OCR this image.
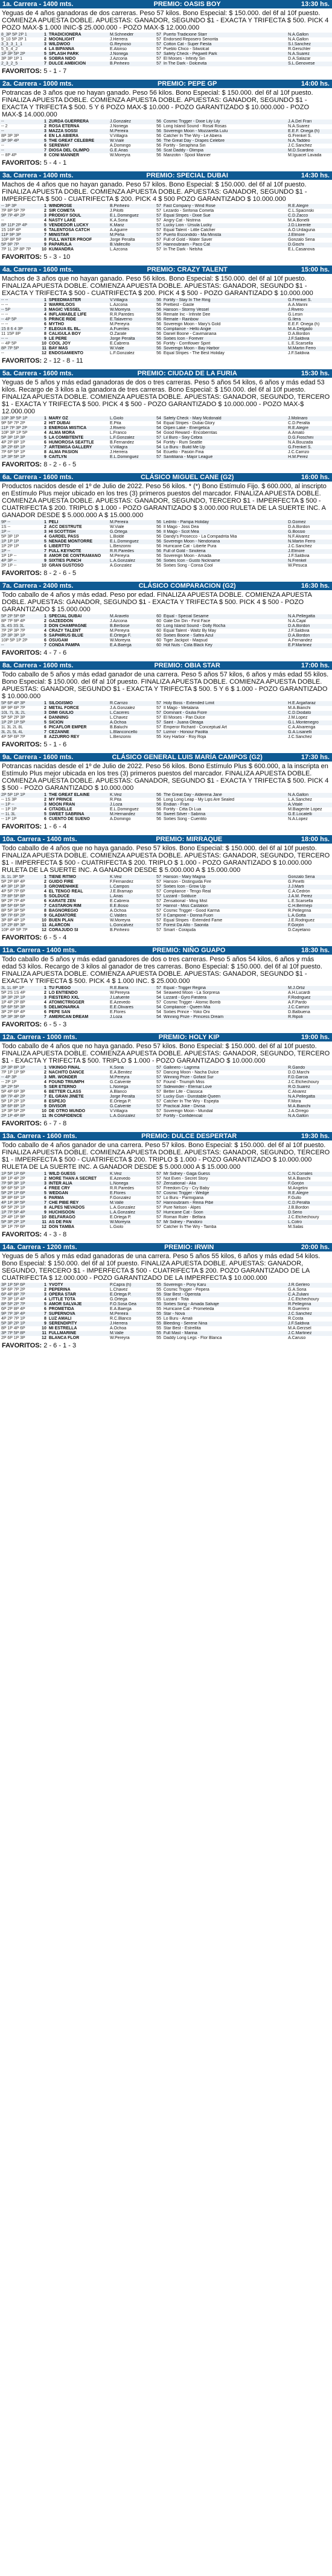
1a. Carrera - 1400 mts.	PREMIO: OASIS BOY	13:30 hs.
Yeguas de 4 años ganadoras de dos carreras. Peso 57 kilos. Bono Especial: $ 150.000. del 6f al 10f puesto. COMIENZA APUESTA DOBLE. APUESTAS: GANADOR, SEGUNDO $1 - EXACTA Y TRIFECTA $ 500. PICK 4 POZO MAX-$ 1.000 INIC-$ 25.000.000 - POZO MAX-$ 12.000.000
8_3P 5P 2P 1	1	TRADICIONERA	M.Schneider	57	Puerto Tradicione Starr	N.A.Gallon
9_10 5P 2P 1	2	MOONLIGHT	J.Herrera	57	Endorsed Reposero Senorita	N.A.Gallon
3_3_3_1_1	3	WILDWOO	G.Reynoso	57	Cotton Cat - Super Fiesta	S.I.Sanchez
5_5_4_2	4	LA BIPANNA	E.Alonso	57	Pueblo Chico - Silwolcat	R.Gerschler
1P 3P 5P 2P	5	SPLASH PARK	J.Noriega	57	Safety Check - Pegwell Park	N.A.Suarez
3P 3P 1P 1	6	SOBRA NIDO	J.Azcona	57	El Moises - Infinity Sin	D.A.Salazar
2_3_2_5	7	DULCE AMBICION	B.Pinheiro	57	In The Dark - Dolcevita	S.L.Genovese
FAVORITOS: 5 - 1 - 7
2a. Carrera - 1000 mts.	PREMIO: PEPE GP	14:00 hs.
Potrancas de 3 años que no hayan ganado. Peso 56 kilos. Bono Especial: $ 150.000. del 6f al 10f puesto. FINALIZA APUESTA DOBLE. COMIENZA APUESTA DOBLE. APUESTAS: GANADOR, SEGUNDO $1 - EXACTA Y TRIFECTA $ 500. 5 Y 6 POZO MAX-$ 10.000 - POZO GARANTIZADO $ 10.000.000 - POZO MAX-$ 14.000.000
--	1	ZURDA GUERRERA	J.Gonzalez	56	Cosmic Trigger - Dixie Lily Lily	J.A.Del Frari
-- 2	2	ROSA ETERNA	J.Noriega	56	Long Island Sound - Rosal Rosas	N.A.Suarez
--	3	MAZZA SOSSI	M.Pereira	56	Sovereign Moon - Mozzarella Lulu	E.E.F. Onega (h)
8P 3P 3P	4	EN LA ABIERA	V.Villagra	56	Catcher In The Wry - Le Abiera	G.Frenkel S.
3P 9P 4P	5	THE GREAT CELEBRE	W.Viale	56	The Great Day - Drapes Celebre	N.A.Taddeo
--	6	SEREWAY	A.Domingo	56	Fortify - Seraphina Sin	J.C.Sanchez
--	7	DIOSA DEL OLIMPO	G.E.Arias	56	Scat Daddy - Olimpia	M.D.Scardino
-- 8P 4P	8	CONI MANNER	W.Moreyra	56	Manzotin - Spool Manner	M.Iguacel Lavada
FAVORITOS: 5 - 4 - 1
3a. Carrera - 1400 mts.	PREMIO: SPECIAL DUBAI	14:30 hs.
Machos de 4 años que no hayan ganado. Peso 57 kilos. Bono Especial: $ 150.000. del 6f al 10f puesto. FINALIZA APUESTA DOBLE. COMIENZA APUESTA DOBLE. APUESTAS: GANADOR, SEGUNDO $1 - IMPERFECTA $ 500 - CUATRIFECTA $ 200. PICK 4 $ 500 POZO GARANTIZADO $ 10.000.000
-- 3P 3P	1	WINDROSE	B.Pinheiro	57	Fast Company - Wind Rose	R.E.Alegre
7P 8P 5P 7P	2	SIR COMETA	J.Pilotti	57	Lezardo - Sinfonia Cometa	C.L.Spacinski
9P 7P 4P 2P	3	PRODIGY SOUL	E.L.Dominguez	57	Equal Stripes - Dixie Sue	C.D.Zacco
--	4	NASTY LAKE	K.A.Soria	57	Angry Cat - Nistrina	M.A.Bonelli
8P 11P 2P 4P	5	VENDEDOR LUCKY	K.Mariz	57	Lucky Lion - Ursula Lucky	J.D.Llorente
15 16P 4P	6	TALENTOSA CATCH	A.Aguirre	57	Equal Talent - Little Catcher	A.O.Urdaguna
11P 9P 3P	7	MINISTAR	M.Peña	57	Puerto Escondido - Ma Minista	J.Elmore
10P 8P 5P	8	FULL WATER PROOF	Jorge Peralta	57	Full of Gold - Water Saver	Gonzalo Sena
5P 9P 7P	9	PAPARULA	B.Vallecillo	57	Hannoubraim - Paco Cat	D.Gischi
7P 1L 2P 8P 7P	10	KUMANDRA	L.Azcona	57	In The Dark - Nelsha	E.L.Casanova
FAVORITOS: 5 - 3 - 10
4a. Carrera - 1600 mts.	PREMIO: CRAZY TALENT	15:00 hs.
Machos de 3 años que no hayan ganado. Peso 56 kilos. Bono Especial: $ 150.000. del 6f al 10f puesto. FINALIZA APUESTA DOBLE. COMIENZA APUESTA DOBLE. APUESTAS: GANADOR, SEGUNDO $1 - EXACTA Y TRIFECTA $ 500 - CUATRIFECTA $ 200. PICK 4 $ 500 - POZO GARANTIZADO $ 10.000.000
-- --	1	SPEEDMASTER	V.Villagra	56	Fortify - Stay In The Ring	G.Frenkel S.
-- --	2	WARRILOOS	L.Azcona	56	Prettiest - Gaste	A.A.Marini
-- 5P	3	MAGIC VESSEL	W.Moreyra	56	Hanson - Stormy Vessel	J.Rivero
-- --	4	INFLAMABLE LIFE	R.R.Paredes	56	Remate Inc - Infinite Dee	G.Lesin
-- 4P 5P	5	PRINCE RIDE	E.Talaverno	56	Remate - Rainbow	G.Ilera
-- --	6	MYTHO	M.Pereyra	56	Sovereign Moon - Mary's Gold	E.E.F. Onega (h)
15 8 6 4 3P	7	ELEGUA EL BL.	A.Fuentes	56	Compliance - Hello Angie	M.A.Delgado
11 15P 8P	8	CALIGULA BOY	O.Zarate	56	Daniel Boone - Cavimariana	D.A.Bordon
-- --	9	LE PERE	Jorge Peralta	56	Sixties Icon - Forever	J.F.Saldivia
-- 4P 5P	10	COOL JOY	E.Cabrera	56	Fortify - Cornflower Spirit	L.E.Scarsella
8P 7P 5P	11	BAY MAS	W.Viale	56	Sovereign Moon - Bay Harbor	M.Martin Ferro
--	12	ENDOSAMIENTO	L.F.Gonzalez	56	Equal Stripes - The Best Holiday	J.F.Saldivia
FAVORITOS: 2 - 12 - 8 - 11
5a. Carrera - 1600 mts.	PREMIO: CIUDAD DE LA FURIA	15:30 hs.
Yeguas de 5 años y más edad ganadoras de dos o tres carreras. Peso 5 años 54 kilos, 6 años y más edad 53 kilos. Recargo de 3 kilos a la ganadora de tres carreras. Bono Especial: $ 150.000. del 6f al 10f puesto. FINALIZA APUESTA DOBLE. COMIENZA APUESTA DOBLE. APUESTAS: GANADOR, SEGUNDO, TERCERO $1 - EXACTA Y TRIFECTA $ 500. PICK 4 $ 500 - POZO GARANTIZADO $ 10.000.000 - POZO MAX-$ 12.000.000
10P 3P 5P 1P	1	MARY OZ	L.Giolo	54	Safety Check - Mary Mcdonald	J.Molinaro
9P 5P 7P 2P	2	HIT DUBAI	E.Pita	54	Equal Stripes - Dubai Glory	C.D.Peralta
11P 7P 3P 2P	3	ENERGIA MISTICA	J.Rivero	54	Orpen Lake - Energetica	R.E.Alegre
10P 3P 1P 5P	4	ALMA MORA	L.Franco	54	Good Reward - Encoberritas	A.Amato
5P 3P 1P 3P	5	LA COMBITENTE	L.F.Gonzalez	57	Lil Buro - Sixy Cebra	D.G.Fioschini
4P 2P 8P 1P	6	HUMOROSA SEATTLE	B.Fernandez	54	Fortify - Rum Seattle	N.A.Bouzada
3P 2P 6P 1P	7	ARTEMISA GALLERY	V.Villagra	54	Lo Buru - Build Me Up	G.Frenkel S.
7P 6P 5P 1P	8	ALMA PASIÓN	J.Herrera	54	Ecuelto - Pasión Fina	J.C.Carrizo
1P 3P 5P 1P	9	CAITLYN	E.L.Dominguez	57	Sanitiliana - Major League	H.M.Perez
FAVORITOS: 8 - 2 - 6 - 5
6a. Carrera - 1600 mts.	CLÁSICO MIGUEL CANE (G2)	16:00 hs.
Productos nacidos desde el 1º de Julio de 2022. Peso 56 kilos. * (*) Bono Estímulo Fijo. $ 600.000, al inscripto en Estímulo Plus mejor ubicado en los tres (3) primeros puestos del marcador. FINALIZA APUESTA DOBLE. COMIENZA APUESTA DOBLE. APUESTAS: GANADOR, SEGUNDO, TERCERO $1 - IMPERFECTA $ 500 - CUATRIFECTA $ 200. TRIPLO $ 1.000 - POZO GARANTIZADO $ 3.000.000 RULETA DE LA SUERTE INC. A GANADOR DESDE $ 5.000.000 A $ 15.000.000
9P --	1	PELI	M.Pereira	56	Ledrito - Pampa Holiday	D.Gomez
1S --	2	ACC DESTRUTE	W.Viale	56	Il Mago - Joss Dea	D.A.Bordon
1P --	3	HI SCOTTISH	G.Ortega	56	Il Mago - Scot Mea	G.Bossio
5P 3P 1P	4	GARDEL PASS	L.Boldé	56	Dandy's Prosecco - La Compadrita Mia	N.F.Alvarez
1P 1P 1P	5	NENADE MONTORRE	E.L.Dominguez	56	Sovereign Moon - Nendoriana	N.Martin Ferro
1P 2P 1P	6	LIBERTTO	L.Benzorini	56	Hurricane Cat - Liberte Pura	J.C.Sanchez
1P --	7	FULL KEYNOTE	R.R.Paredes	56	Full of Gold - Sinoteria	J.Elmore
1P 1P --	8	AMOR DE CONTRAMANO	M.Pereyra	56	Sovereign Moon - Amada	J.F.Saldivia
4P 3P --	9	SIXTIES PUNCH	L.A.Gonzalez	56	Sixties Icon - Gusto Nickname	N.Frenkel
2P 1P --	10	GRAN GUSTOSO	A.Gonzalez	56	Sixties Song - Consa Cool	W.Pesuca
FAVORITOS: 8 - 2 - 6 - 5
7a. Carrera - 2400 mts.	CLÁSICO COMPARACION (G2)	16:30 hs.
Todo caballo de 4 años y más edad. Peso por edad. FINALIZA APUESTA DOBLE. COMIENZA APUESTA DOBLE. APUESTAS: GANADOR, SEGUNDO $1 - EXACTA Y TRIFECTA $ 500. PICK 4 $ 500 - POZO GARANTIZADO $ 15.000.000
5P 2P 5P 6P	1	SPECIAL DUBAI	M.Aravelo	60	Equal - Special Sesame	N.A.Pellegatta
8P 7P 9P 4P	2	GAZEDDON	J.Azcona	60	Gate Din Din - First Face	N.A.Cajal
3L 4S 3S 3L	3	DON CHAMPAGNE	B.Berbose	60	Long Island Sound - Dolly Rocha	D.A.Bordon
7P 2P 3P 7P	4	CRAZY TALENT	M.Pereyra	60	Equal Talent - Waltz By May	J.F.Saldivia
2P 3P 3P 1P	5	SAPHIRUS BLUE	E.Ortega F.	60	Sixties Boone - Safira Azul	D.A.Bordon
10P 5P 1P 2P	6	OSUGAM	W.Moreyra	60	Tiger Jackpot - Maqsud	A.Fernandez
--	7	CONDA PAMPA	E.A.Baerga	60	Hot Nuts - Cola Black Key	E.P.Martinez
FAVORITOS: 4 - 7 - 6
8a. Carrera - 1600 mts.	PREMIO: OBIA STAR	17:00 hs.
Todo caballo de 5 años y más edad ganador de una carrera. Peso 5 años 57 kilos, 6 años y más edad 55 kilos. Bono Especial: $ 150.000. del 6f al 10f puesto. FINALIZA APUESTA DOBLE. COMIENZA APUESTA DOBLE. APUESTAS: GANADOR, SEGUNDO $1 - EXACTA Y TRIFECTA $ 500. 5 Y 6 $ 1.000 - POZO GARANTIZADO $ 10.000.000
5P 6P 4P 3P	1	SILOGISMO	R.Carrizo	57	Holy Boss - Extended Limit	H.E.Argañaraz
8P 9P 6P 7P	2	METAL FORCE	J.A.Gonzalez	57	Il Mago - Metalaria	M.A.Bianchi
10L 7L 3L 2L	3	DIMI GIULIO	L.Caceres	57	Dominant - Giulia Fiore	C.D.Diodato
5P 5P 2P 3P	4	DANNING	L.Chavez	57	El Moises - Pan Dulce	J.M.Lopez
1P 2P 1P 5P	5	SICION	A.Ochoa	57	Saint - Juana Oleaga	G.L.Montenegro
1L 3L 2L 8L	6	PICAFLOR EMPER	B.Baluchi	57	Emperor Richard - Conceptual Art	C.A.Alvarenga
3L 2L 5L 4L	7	CEZANNE	L.Blanconcello	57	Lizmor - Honour Paolita	G.A.Lisanelli
4P 5P 6P 7P	8	AZZURRO REY	L.Benzorini	55	Key Harbor - Roy Roja	J.C.Sanchez
FAVORITOS: 5 - 1 - 6
9a. Carrera - 1600 mts.	CLÁSICO GENERAL LUIS MARÍA CAMPOS (G2)	17:30 hs.
Potrancas nacidas desde el 1º de Julio de 2022. Peso 56 kilos. Bono Estímulo Plus $ 600.000, a la inscripta en Estímulo Plus mejor ubicada en los tres (3) primeros puestos del marcador. FINALIZA APUESTA DOBLE. COMIENZA APUESTA DOBLE. APUESTAS: GANADOR, SEGUNDO $1 - EXACTA Y TRIFECTA $ 500. PICK 4 $ 500 - POZO GARANTIZADO $ 10.000.000
2P 5P 1P 1P	1	THE GREAT ELAINE	K.Veiz	56	The Great Day - Alderena Jane	N.A.Gallon
-- 1S 3P	2	MY PRINCE	R.Pita	56	Long Long Leap - My Lips Are Sealed	L.A.Sanchez
-- 1P --	3	MOON FRAN	J.Loza	56	Endian - Fran	A.Vitale
-- 1P 1P	4	CITADELLE	E.L.Dominguez	56	Fortify - Citta Di Lua	M.Biagente Lopez
-- 1L 3L	5	SWEET SABRINA	M.Hernandez	56	Sweet Silver - Sabrina	G.E.Locatelli
-- 1P 1P	6	CUENTO DE SUEÑO	A.Domingo	56	Sixties Song - Cuentito	N.A.Lopez
FAVORITOS: 1 - 6 - 4
10a. Carrera - 1400 mts.	PREMIO: MIRRAQUE	18:00 hs.
Todo caballo de 4 años que no haya ganado. Peso 57 kilos. Bono Especial: $ 150.000. del 6f al 10f puesto. FINALIZA APUESTA DOBLE. COMIENZA APUESTA DOBLE. APUESTAS: GANADOR, SEGUNDO, TERCERO $1 - IMPERFECTA $ 500 - CUATRIFECTA $ 200. TRIPLO $ 1.000 - POZO GARANTIZADO $ 10.000.000 RULETA DE LA SUERTE INC. A GANADOR DESDE $ 5.000.000 A $ 15.000.000
3L 1L 3P 5P	1	TIENE RITMO	K.Veiz	57	Hanson - Mary Magna	Gonzalo Sena
5P 2P 8P 4P	2	GUIDO FIRE	F.Fernandez	57	Hanson - Distinguida Fire	G.Pinetti
4P 3P 1P 3P	3	GROWENHIKE	L.Campos	57	Sixties Icon - Grow Up	J.J.Marti
4P 5P 7P 6P	4	EL TENGO REAL	J.E.Bramajo	57	Compliance - Tengo Real	C.A.Cedrón
7P 8P 5P 8P	5	SOLDUCE	L.Arias	57	Lizzard - Solduce	J.A.M. Perez
9P 2P 7P 4P	6	KARATE ZEN	E.Cabrera	57	Zensational - Ming Mist	L.E.Scarsella
8P 5P 6P 5P	7	CASTARON RIM	E.E.Bosio	57	Hannol - Miss Castalion	C.H.Bermejo
8P 5P 3P 5P	8	BAGNOREGIO	A.Ochoa	57	Cosmic Trigger - Good Karma	R.Pellegrina
9P 7P 6P 2P	9	GLADIATORE	C.Valdes	57	Il Campione - Donna Fuori	L.A.Gotta
3P 8P 4P 1P	10	BUEN PLAN	W.Moreyra	57	Equal Stripes - Extended Fame	J.E.Rodriguez
1P 2P 8P 3P	11	ALARCON	L.Goncalvez	57	Forest Da Alto - Saonita	F.Gorjón
10P 4P 5P 7P	12	CORAJUDO SI	B.Pinheiro	57	Smart - Corajuda	D.Cayetano
FAVORITOS: 6 - 5 - 4
11a. Carrera - 1400 mts.	PREMIO: NIÑO GUAPO	18:30 hs.
Todo caballo de 5 años y más edad ganadores de dos o tres carreras. Peso 5 años 54 kilos, 6 años y más edad 53 kilos. Recargo de 3 kilos al ganador de tres carreras. Bono Especial: $ 150.000. del 6f al 10f puesto. FINALIZA APUESTA DOBLE. COMIENZA APUESTA DOBLE. APUESTAS: GANADOR, SEGUNDO $1 - EXACTA Y TRIFECTA $ 500. PICK 4 $ 1.000 INC. $ 25.000.000
3L 1L 8P 1P	1	TU FUEGO	R.E.Barra	57	Equal - Trigger Regina	M.J.Ortiz
5P 2S 1S 4P	2	LO ENTIENDO	W.Pereyra	54	Seaweed Moon - La Sorpresa	A.H.Lucardi
3P 3P 2P 1P	3	FIESTERO XXL	J.Lafuente	54	Lizzard - Gyro Fiestera	F.Rodriguez
1P 4P 2P 8P	4	ATOMICTRIGGER	E.Azevedo	57	Cosmic Trigger - Atomic Bomb	A.F.Pardo
5P 6P 5P 3P	5	DELMONARKA	E.E.Olivares	54	Compliance - Queen Mia	J.C.Carrizo
3P 2P 6P 4P	6	PEPE SAN	E.Flores	54	Sixties Prince - Yoko Oni	D.Balbuena
5P 3P 3P 6P	7	AMERICAN DREAM	J.Loza	54	Winning Prize - Princess Dream	R.Ripoli
FAVORITOS: 6 - 5 - 3
12a. Carrera - 1000 mts.	PREMIO: HOLY KIP	19:00 hs.
Todo caballo de 4 años que no haya ganado. Peso 57 kilos. Bono Especial: $ 150.000. del 6f al 10f puesto. FINALIZA APUESTA DOBLE. COMIENZA APUESTA DOBLE. APUESTAS: GANADOR, SEGUNDO, TERCERO $1 - EXACTA Y TRIFECTA $ 500. TRIPLO $ 1.000 - POZO GARANTIZADO $ 10.000.000
2P 3P 8P 1P	1	VIKINGO FINAL	K.Soria	57	Gallinero - Lagrima	R.Gando
7P 1P 1P 9P	2	NACHITO DANCE	E.A.Benitez	57	Dancing Moon - Nacha Dulce	D.O.Marchi
-- 4P 3P	3	MR. WONDER	M.Pereyra	57	Winning Prize - Gofast Sur	F.D.Garcia
-- 2P 1P	4	FOUND TRIUMPH	G.Calvente	57	Found - Triumph Miss	J.C.Etchechoury
3P 2P 5P	5	SER ETERNO	L.Noriega	57	Sidewinder - Eternal Love	R.O.Suarez
5P 4P 6P 3P	6	BETTER CLASS	A.Blanco	57	Better Life - Classica	C.Alvarez
8P 7P 4P 2P	7	EL GRAN JINETE	Jorge Peralta	57	Lucky Gun - Dunstable Queen	N.A.Pellegatta
5P 1P 2P 1P	8	ESPEJO	E.Ortega P.	57	Catcher In The Wry - Espejita	F.Mora
3P 6P 8P 1P	9	DIVISOR	G.Calvente	57	Practical Joke - Divisa	M.A.Bianchi
1P 3P 5P 2P	10	DE OTRO MUNDO	V.Villagra	57	Sovereign Moon - Mundial	J.A.Orrego
2P 1P 4P 8P	11	IN CONFIDENCE	L.A.Gonzalez	57	Fortify - Confidencial	N.A.Gallon
FAVORITOS: 6 - 7 - 8
13a. Carrera - 1600 mts.	PREMIO: DULCE DESPERTAR	19:30 hs.
Todo caballo de 4 años ganador de una carrera. Peso 57 kilos. Bono Especial: $ 150.000. del 6f al 10f puesto. FINALIZA APUESTA DOBLE. COMIENZA APUESTA DOBLE. APUESTAS: GANADOR, SEGUNDO, TERCERO $1 - IMPERFECTA $ 500 - CUATRIFECTA $ 200. TRIPLO $ 1.000 - POZO GARANTIZADO $ 10.000.000 RULETA DE LA SUERTE INC. A GANADOR DESDE $ 5.000.000 A $ 15.000.000
1P 5P 1P 6P	1	WILD GUESS	K.Veiz	57	Mr Sidney - Gaga Guess	C.N.Corrales
8P 1P 4P 2P	2	MORE THAN A SECRET	E.Azevedo	57	Not Even - Secret Story	M.A.Bianchi
7P 9P 3P 1P	3	INTER ALIA	L.Noriega	57	Zensational - Alia	F.Gorjón
9P 6P 5P 1P	4	FREE CRY	R.R.Paredes	57	Freedom Cry - Cry Baby	M.Angelini
5P 2P 1P 6P	5	WEDGAN	E.Flores	57	Cosmic Trigger - Wedge	R.E.Alegre
3P 8P 6P 1P	6	PARMA	F.Gonzalez	57	Lo Buru - Parmigiana	F.Gullo
4P 1P 3P 5P	7	CHE PIBE REY	M.Valle	57	Hannoubraim - Reina Pibe	C.D.Peralta
6P 5P 2P 1P	8	ALPES NEVADOS	L.A.Gonzalez	57	Pure Nelson - Alpes	J.B.Bordon
1P 7P 5P 4P	9	HUCHISOON	L.A.Gonzalez	57	Hurricane Cat - Soon	D.Serio
2P 4P 1P 9P	10	BELFARAGO	E.Ortega P.	57	Roman Ruler - Belfara	J.C.Etchechoury
5P 3P 2P 1P	11	AS DE PAN	W.Moreyra	57	Mr Sidney - Pandoro	L.Cotro
3P 1P 7P 6P	12	DON TAMBA	L.Giolo	57	Catcher In The Wry - Tamba	M.Salas
FAVORITOS: 4 - 3 - 8
14a. Carrera - 1200 mts.	PREMIO: IRWIN	20:00 hs.
Yeguas de 5 años y más edad ganadoras de una carrera. Peso 5 años 55 kilos, 6 años y más edad 54 kilos. Bono Especial: $ 150.000. del 6f al 10f puesto. FINALIZA APUESTA DOBLE. APUESTAS: GANADOR, SEGUNDO, TERCERO $1 - IMPERFECTA $ 500 - CUATRIFECTA $ 200. POZO GARANTIZADO DE LA CUATRIFECTA $ 12.000.000 - POZO GARANTIZADO DE LA IMPERFECTA $ 10.000.000
3P 1P 5P 6P	1	YVOTY	P.Capra (h)	55	Sovereign - Pony Karu	J.R.Gerlero
5P 6P 7P 2P	2	PEPERINA	L.Chavez	55	Cosmic Trigger - Pepera	G.A.Soria
6P 4P 8P 7P	3	OPERA STAR	E.Ortega P.	55	Star Best - Operista	C.A.Zuliani
7P 3P 1P 4P	4	LITTLE TOTA	G.Ortega	55	Lizzard - Tota	J.C.Etchechoury
8P 5P 2P 7P	5	AMOR SALVAJE	F.O.Sosa Gea	55	Sixties Song - Amada Salvaje	R.Pellegrina
6P 2P 8P 4P	6	PROMETIDA	E.A.Baerga	55	Hurricane Cat - Prometeda	R.Guerrero
9P 7P 3P 4P	7	SUPERNOVA	M.Pereira	55	Star - Nova	J.C.Sanchez
4P 2P 7P 1P	8	LUZ AMALI	R.C.Blanco	55	Lo Buru - Amali	R.Costa
5P 3P 2P 1P	9	SERENDIPITY	J.Herrera	55	Bleeding - Serene Nina	J.F.Saldivia
8P 1P 4P 6P	10	MI ESTRELLA	A.Ochoa	55	Star Best - Estrellita	M.A.Gerzsel
3P 7P 5P 8P	11	FULLMARINE	M.Valle	55	Full Mast - Marina	J.C.Martinez
2P 6P 1P 3P	12	BLANCA FLOR	W.Pereyra	55	Daddy Long Legs - Flor Blanca	A.Caruso
FAVORITOS: 2 - 6 - 1 - 3
